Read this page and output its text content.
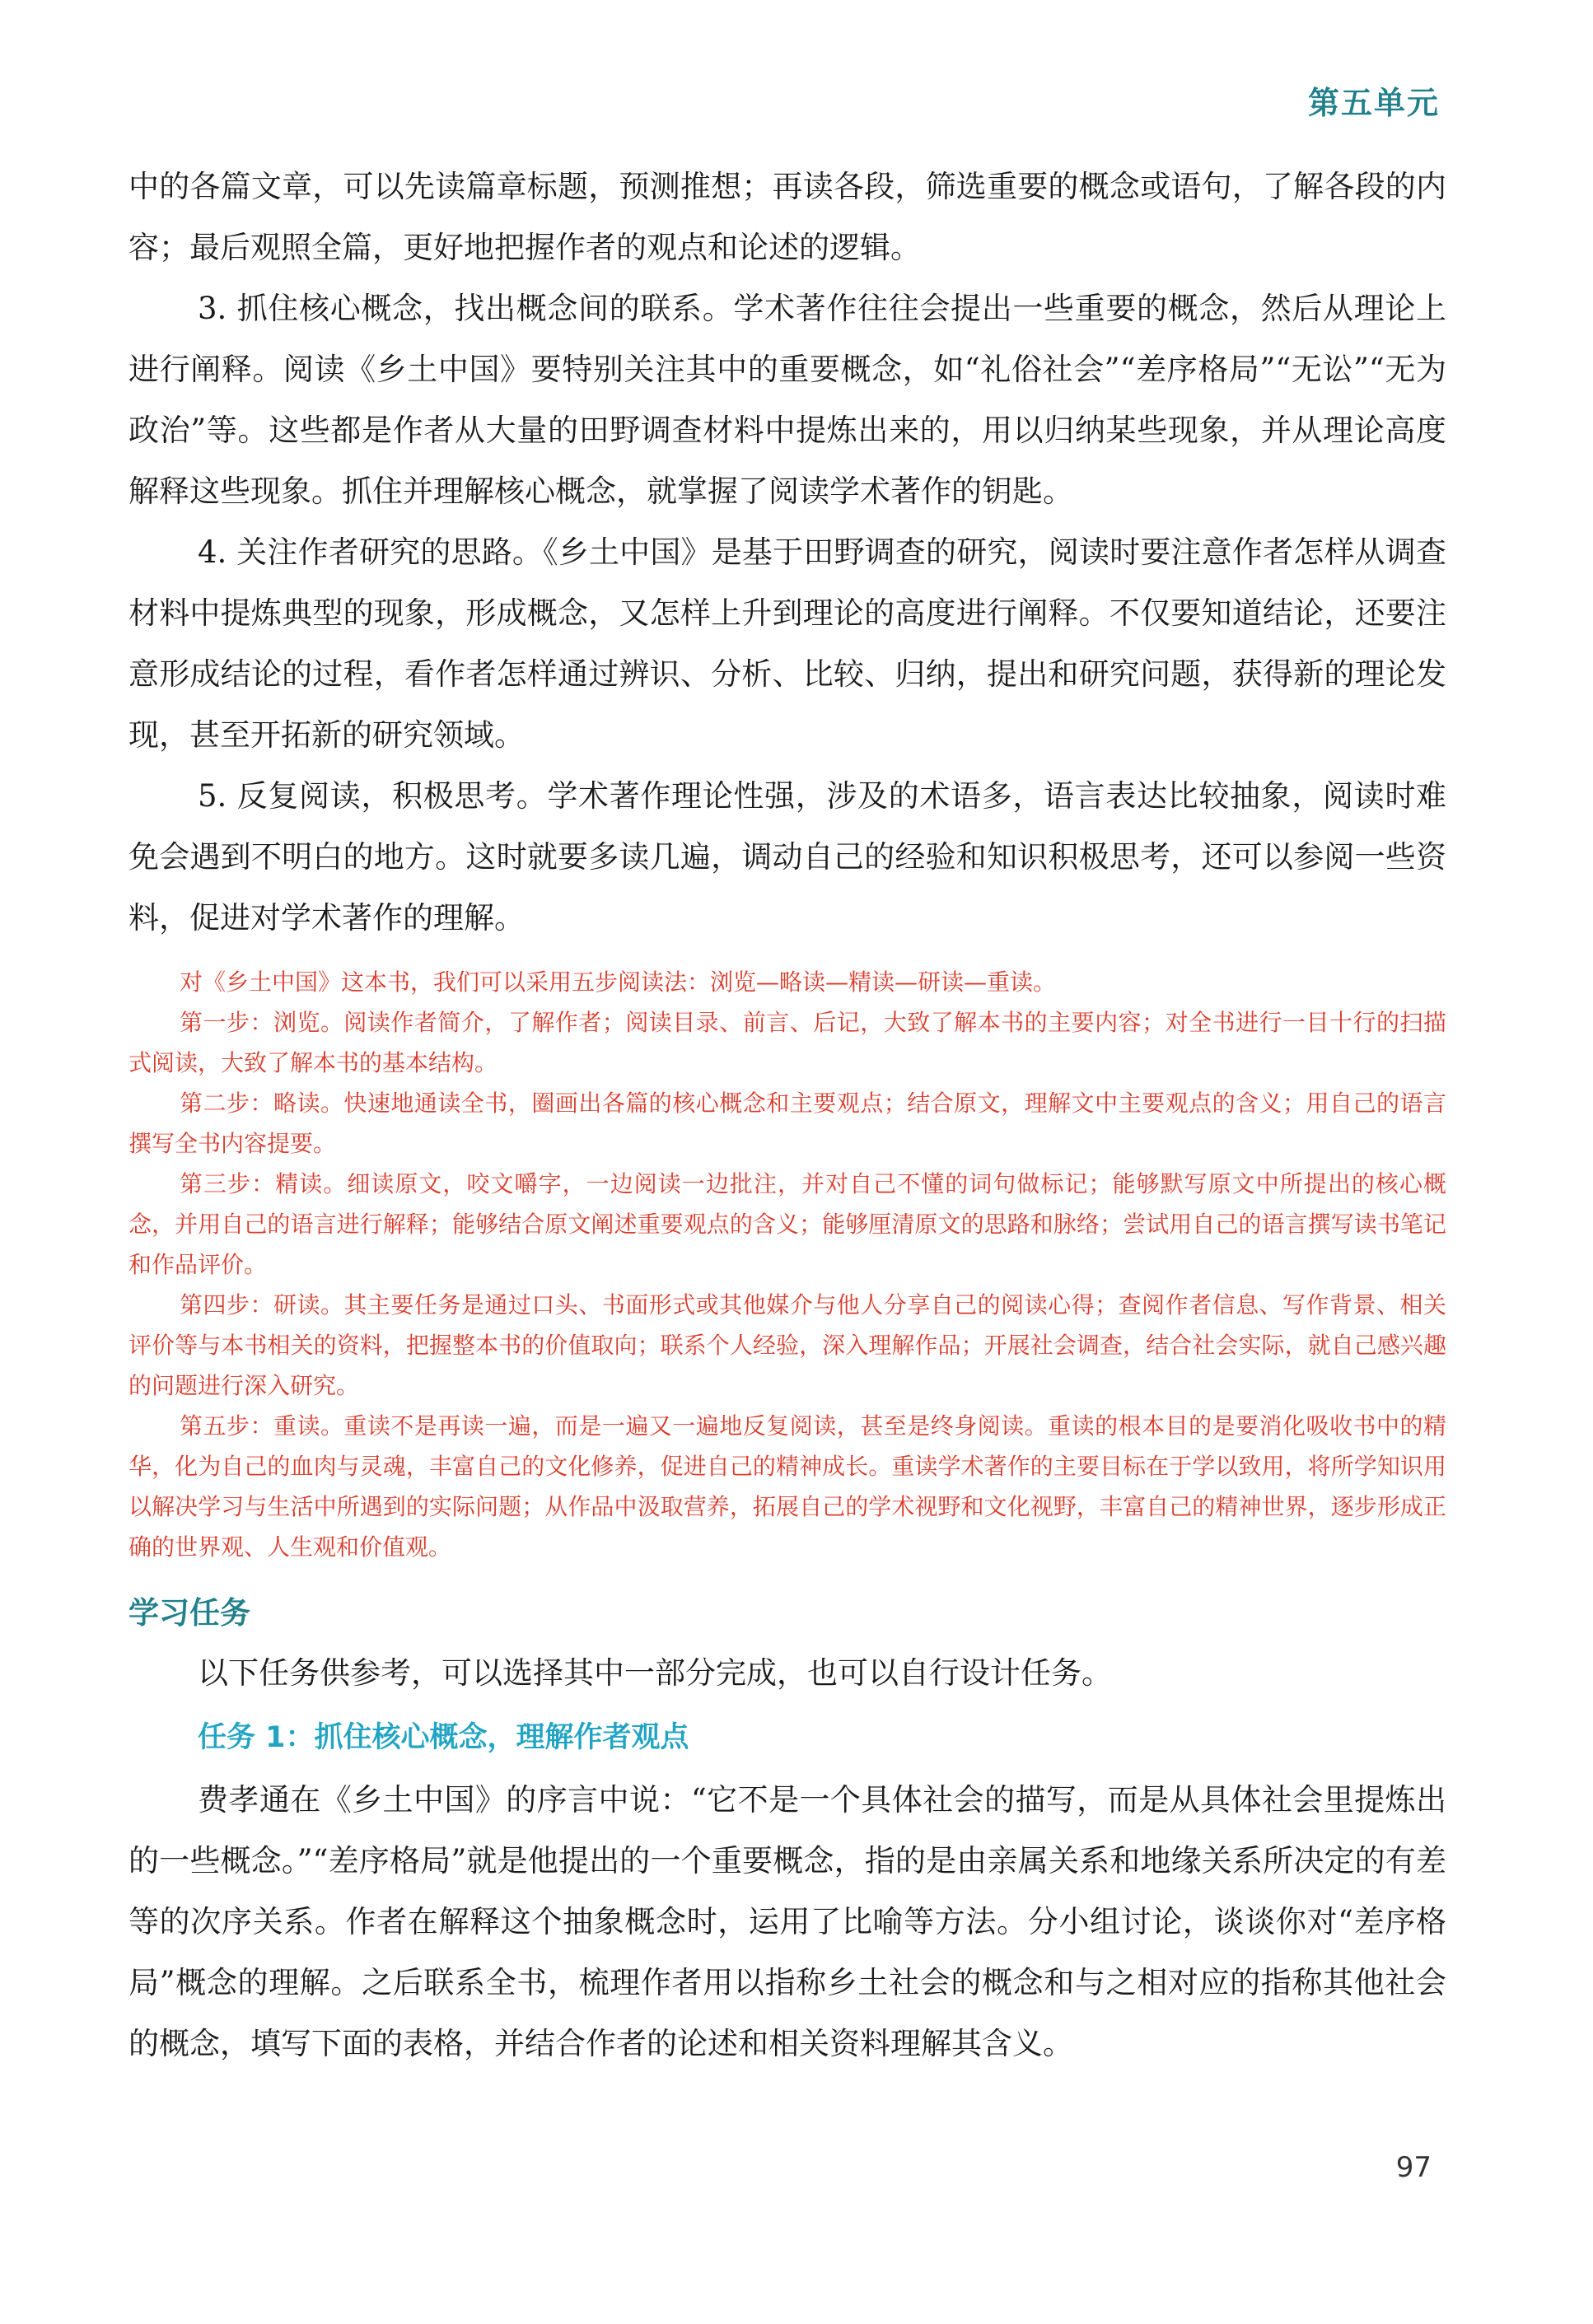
第五单元

中的各篇文章，可以先读篇章标题，预测推想；再读各段，筛选重要的概念或语句，了解各段的内容；最后观照全篇，更好地把握作者的观点和论述的逻辑。

3. 抓住核心概念，找出概念间的联系。学术著作往往会提出一些重要的概念，然后从理论上进行阐释。阅读《乡土中国》要特别关注其中的重要概念，如“礼俗社会”“差序格局”“无讼”“无为政治”等。这些都是作者从大量的田野调查材料中提炼出来的，用以归纳某些现象，并从理论高度解释这些现象。抓住并理解核心概念，就掌握了阅读学术著作的钥匙。

4. 关注作者研究的思路。《乡土中国》是基于田野调查的研究，阅读时要注意作者怎样从调查材料中提炼典型的现象，形成概念，又怎样上升到理论的高度进行阐释。不仅要知道结论，还要注意形成结论的过程，看作者怎样通过辨识、分析、比较、归纳，提出和研究问题，获得新的理论发现，甚至开拓新的研究领域。

5. 反复阅读，积极思考。学术著作理论性强，涉及的术语多，语言表达比较抽象，阅读时难免会遇到不明白的地方。这时就要多读几遍，调动自己的经验和知识积极思考，还可以参阅一些资料，促进对学术著作的理解。

对《乡土中国》这本书，我们可以采用五步阅读法：浏览—略读—精读—研读—重读。

第一步：浏览。阅读作者简介，了解作者；阅读目录、前言、后记，大致了解本书的主要内容；对全书进行一目十行的扫描式阅读，大致了解本书的基本结构。

第二步：略读。快速地通读全书，圈画出各篇的核心概念和主要观点；结合原文，理解文中主要观点的含义；用自己的语言撰写全书内容提要。

第三步：精读。细读原文，咬文嚼字，一边阅读一边批注，并对自己不懂的词句做标记；能够默写原文中所提出的核心概念，并用自己的语言进行解释；能够结合原文阐述重要观点的含义；能够厘清原文的思路和脉络；尝试用自己的语言撰写读书笔记和作品评价。

第四步：研读。其主要任务是通过口头、书面形式或其他媒介与他人分享自己的阅读心得；查阅作者信息、写作背景、相关评价等与本书相关的资料，把握整本书的价值取向；联系个人经验，深入理解作品；开展社会调查，结合社会实际，就自己感兴趣的问题进行深入研究。

第五步：重读。重读不是再读一遍，而是一遍又一遍地反复阅读，甚至是终身阅读。重读的根本目的是要消化吸收书中的精华，化为自己的血肉与灵魂，丰富自己的文化修养，促进自己的精神成长。重读学术著作的主要目标在于学以致用，将所学知识用以解决学习与生活中所遇到的实际问题；从作品中汲取营养，拓展自己的学术视野和文化视野，丰富自己的精神世界，逐步形成正确的世界观、人生观和价值观。

学习任务

以下任务供参考，可以选择其中一部分完成，也可以自行设计任务。

任务 1：抓住核心概念，理解作者观点

费孝通在《乡土中国》的序言中说：“它不是一个具体社会的描写，而是从具体社会里提炼出的一些概念。”“差序格局”就是他提出的一个重要概念，指的是由亲属关系和地缘关系所决定的有差等的次序关系。作者在解释这个抽象概念时，运用了比喻等方法。分小组讨论，谈谈你对“差序格局”概念的理解。之后联系全书，梳理作者用以指称乡土社会的概念和与之相对应的指称其他社会的概念，填写下面的表格，并结合作者的论述和相关资料理解其含义。

97
